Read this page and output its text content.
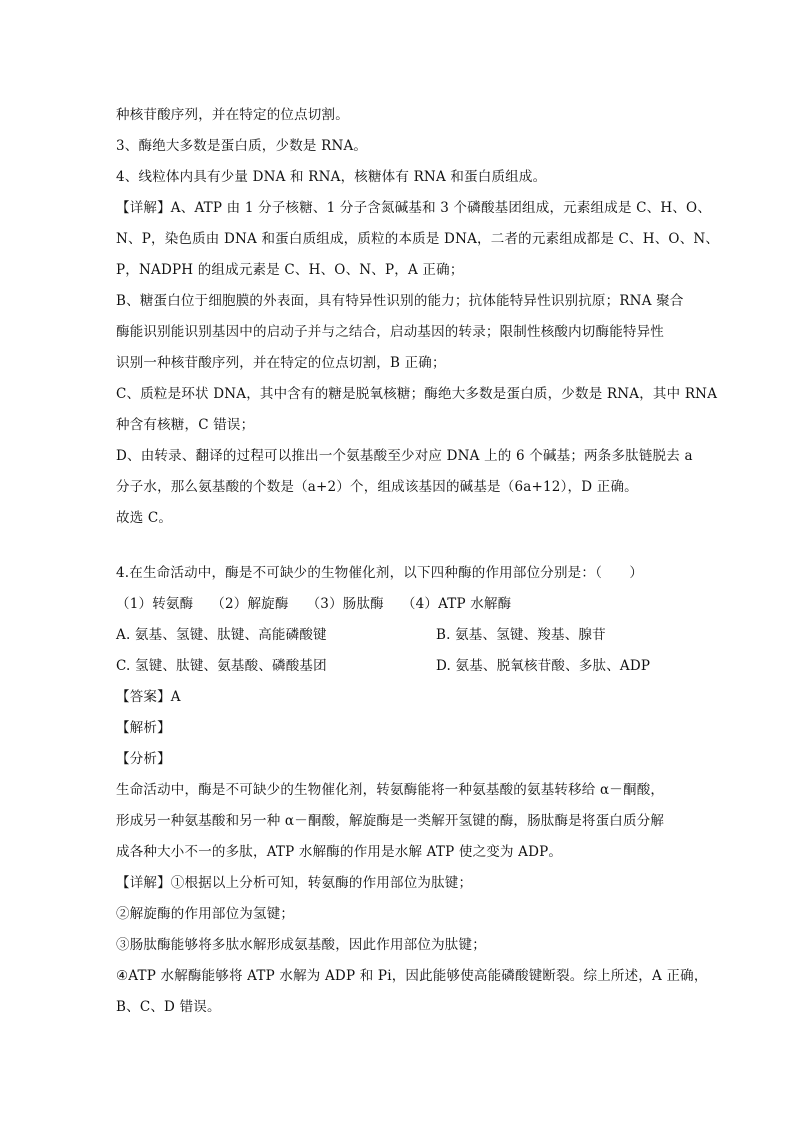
种核苷酸序列，并在特定的位点切割。
3、酶绝大多数是蛋白质，少数是 RNA。
4、线粒体内具有少量 DNA 和 RNA，核糖体有 RNA 和蛋白质组成。
【详解】A、ATP 由 1 分子核糖、1 分子含氮碱基和 3 个磷酸基团组成，元素组成是 C、H、O、
N、P，染色质由 DNA 和蛋白质组成，质粒的本质是 DNA，二者的元素组成都是 C、H、O、N、
P，NADPH 的组成元素是 C、H、O、N、P，A 正确；
B、糖蛋白位于细胞膜的外表面，具有特异性识别的能力；抗体能特异性识别抗原；RNA 聚合
酶能识别能识别基因中的启动子并与之结合，启动基因的转录；限制性核酸内切酶能特异性
识别一种核苷酸序列，并在特定的位点切割，B 正确；
C、质粒是环状 DNA，其中含有的糖是脱氧核糖；酶绝大多数是蛋白质，少数是 RNA，其中 RNA
种含有核糖，C 错误；
D、由转录、翻译的过程可以推出一个氨基酸至少对应 DNA 上的 6 个碱基；两条多肽链脱去 a
分子水，那么氨基酸的个数是（a+2）个，组成该基因的碱基是（6a+12），D 正确。
故选 C。
4.在生命活动中，酶是不可缺少的生物催化剂，以下四种酶的作用部位分别是：（　　）
（1）转氨酶 （2）解旋酶 （3）肠肽酶 （4）ATP 水解酶
A. 氨基、氢键、肽键、高能磷酸键	B. 氨基、氢键、羧基、腺苷
C. 氢键、肽键、氨基酸、磷酸基团	D. 氨基、脱氧核苷酸、多肽、ADP
【答案】A
【解析】
【分析】
生命活动中，酶是不可缺少的生物催化剂，转氨酶能将一种氨基酸的氨基转移给 α－酮酸，
形成另一种氨基酸和另一种 α－酮酸，解旋酶是一类解开氢键的酶，肠肽酶是将蛋白质分解
成各种大小不一的多肽，ATP 水解酶的作用是水解 ATP 使之变为 ADP。
【详解】①根据以上分析可知，转氨酶的作用部位为肽键；
②解旋酶的作用部位为氢键；
③肠肽酶能够将多肽水解形成氨基酸，因此作用部位为肽键；
④ATP 水解酶能够将 ATP 水解为 ADP 和 Pi，因此能够使高能磷酸键断裂。综上所述，A 正确，
B、C、D 错误。
